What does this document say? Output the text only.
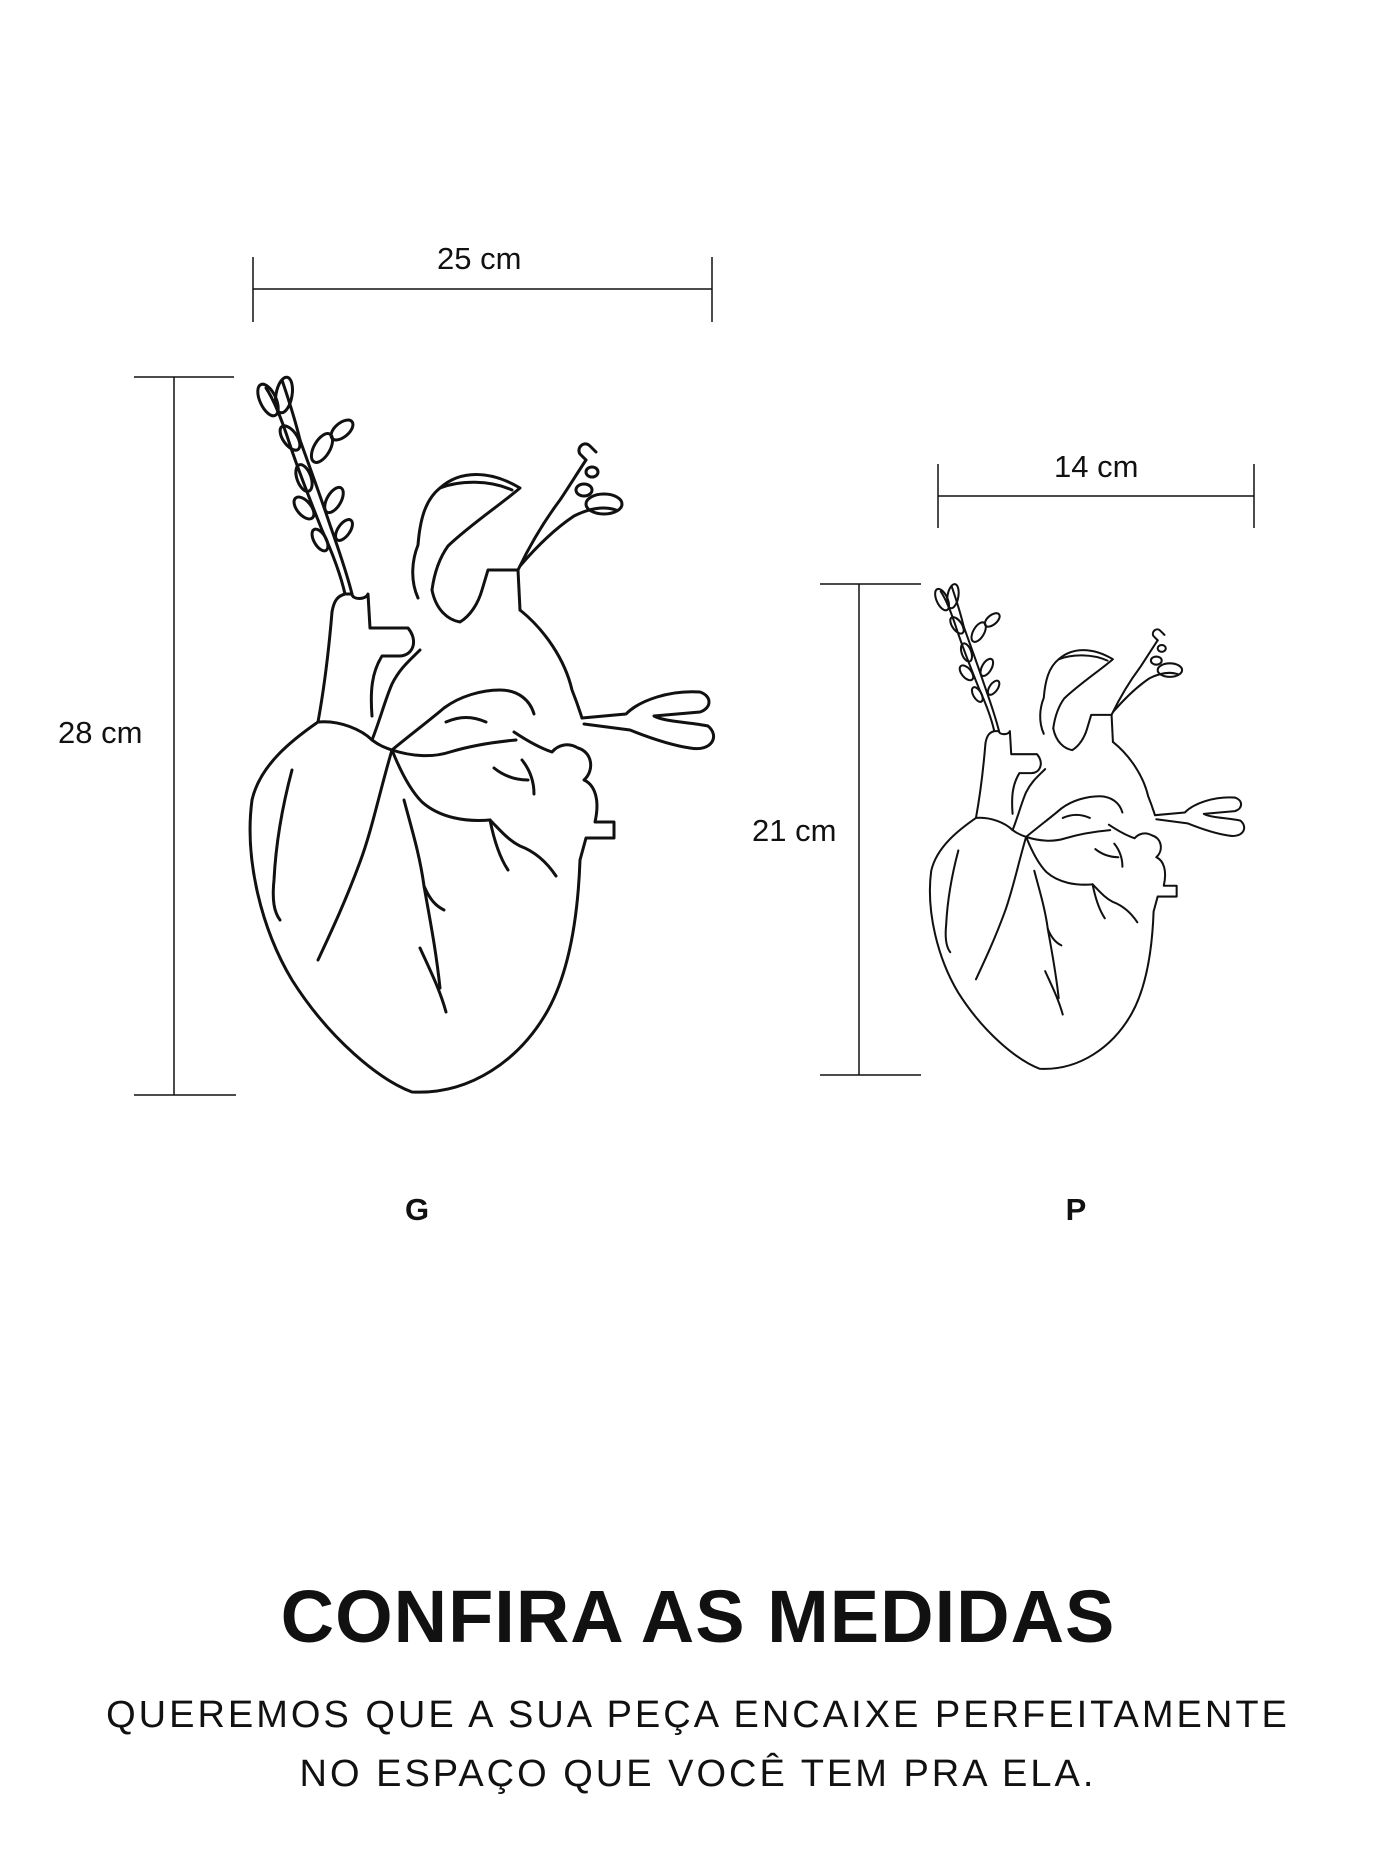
25 cm
28 cm
14 cm
21 cm
G	P
CONFIRA AS MEDIDAS
QUEREMOS QUE A SUA PEÇA ENCAIXE PERFEITAMENTE
NO ESPAÇO QUE VOCÊ TEM PRA ELA.
